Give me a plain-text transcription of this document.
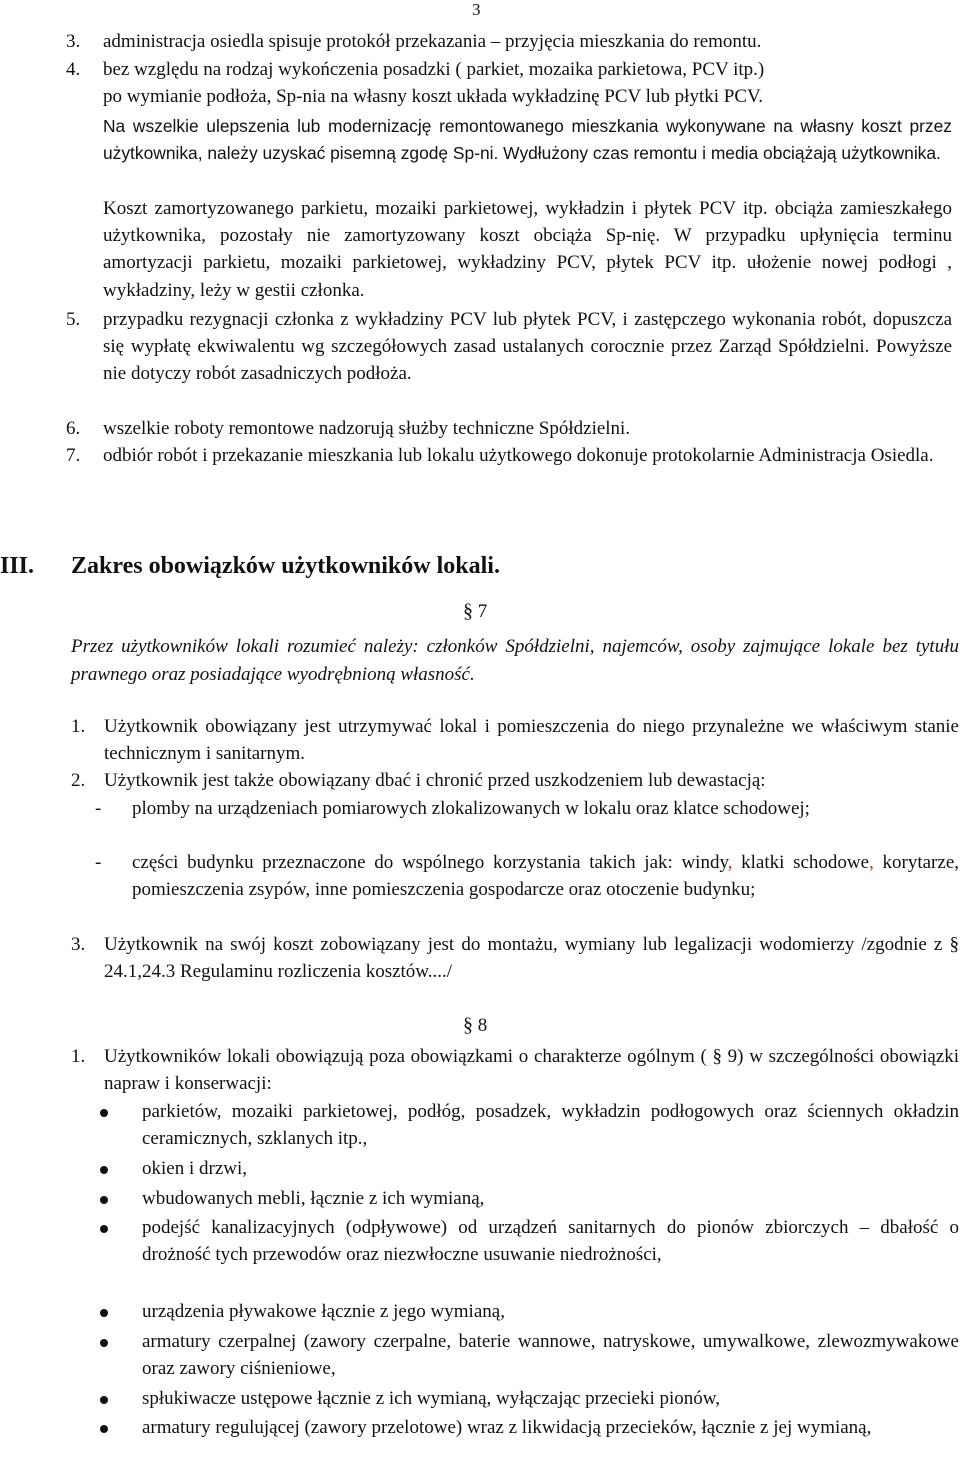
3
3. administracja osiedla spisuje protokół przekazania – przyjęcia mieszkania do remontu.
4. bez względu na rodzaj wykończenia posadzki ( parkiet, mozaika parkietowa, PCV itp.)
po wymianie podłoża, Sp-nia na własny koszt układa wykładzinę PCV lub płytki PCV.
Na wszelkie ulepszenia lub modernizację remontowanego mieszkania wykonywane na własny koszt przez użytkownika, należy uzyskać pisemną zgodę Sp-ni. Wydłużony czas remontu i media obciążają użytkownika.
Koszt zamortyzowanego parkietu, mozaiki parkietowej, wykładzin i płytek PCV itp. obciąża zamieszkałego użytkownika, pozostały nie zamortyzowany koszt obciąża Sp-nię. W przypadku upłynięcia terminu amortyzacji parkietu, mozaiki parkietowej, wykładziny PCV, płytek PCV itp. ułożenie nowej podłogi , wykładziny, leży w gestii członka.
5. przypadku rezygnacji członka z wykładziny PCV lub płytek PCV, i zastępczego wykonania robót, dopuszcza się wypłatę ekwiwalentu wg szczegółowych zasad ustalanych corocznie przez Zarząd Spółdzielni. Powyższe nie dotyczy robót zasadniczych podłoża.
6. wszelkie roboty remontowe nadzorują służby techniczne Spółdzielni.
7. odbiór robót i przekazanie mieszkania lub lokalu użytkowego dokonuje protokolarnie Administracja Osiedla.
III. Zakres obowiązków użytkowników lokali.
§ 7
Przez użytkowników lokali rozumieć należy: członków Spółdzielni, najemców, osoby zajmujące lokale bez tytułu prawnego oraz posiadające wyodrębnioną własność.
1. Użytkownik obowiązany jest utrzymywać lokal i pomieszczenia do niego przynależne we właściwym stanie technicznym i sanitarnym.
2. Użytkownik jest także obowiązany dbać i chronić przed uszkodzeniem lub dewastacją:
- plomby na urządzeniach pomiarowych zlokalizowanych w lokalu oraz klatce schodowej;
- części budynku przeznaczone do wspólnego korzystania takich jak: windy, klatki schodowe, korytarze, pomieszczenia zsypów, inne pomieszczenia gospodarcze oraz otoczenie budynku;
3. Użytkownik na swój koszt zobowiązany jest do montażu, wymiany lub legalizacji wodomierzy /zgodnie z § 24.1,24.3 Regulaminu rozliczenia kosztów..../
§ 8
1. Użytkowników lokali obowiązują poza obowiązkami o charakterze ogólnym ( § 9) w szczególności obowiązki napraw i konserwacji:
parkietów, mozaiki parkietowej, podłóg, posadzek, wykładzin podłogowych oraz ściennych okładzin ceramicznych, szklanych itp.,
okien i drzwi,
wbudowanych mebli, łącznie z ich wymianą,
podejść kanalizacyjnych (odpływowe) od urządzeń sanitarnych do pionów zbiorczych – dbałość o drożność tych przewodów oraz niezwłoczne usuwanie niedrożności,
urządzenia pływakowe łącznie z jego wymianą,
armatury czerpalnej (zawory czerpalne, baterie wannowe, natryskowe, umywalkowe, zlewozmywakowe oraz zawory ciśnieniowe,
spłukiwacze ustępowe łącznie z ich wymianą, wyłączając przecieki pionów,
armatury regulującej (zawory przelotowe) wraz z likwidacją przecieków, łącznie z jej wymianą,
